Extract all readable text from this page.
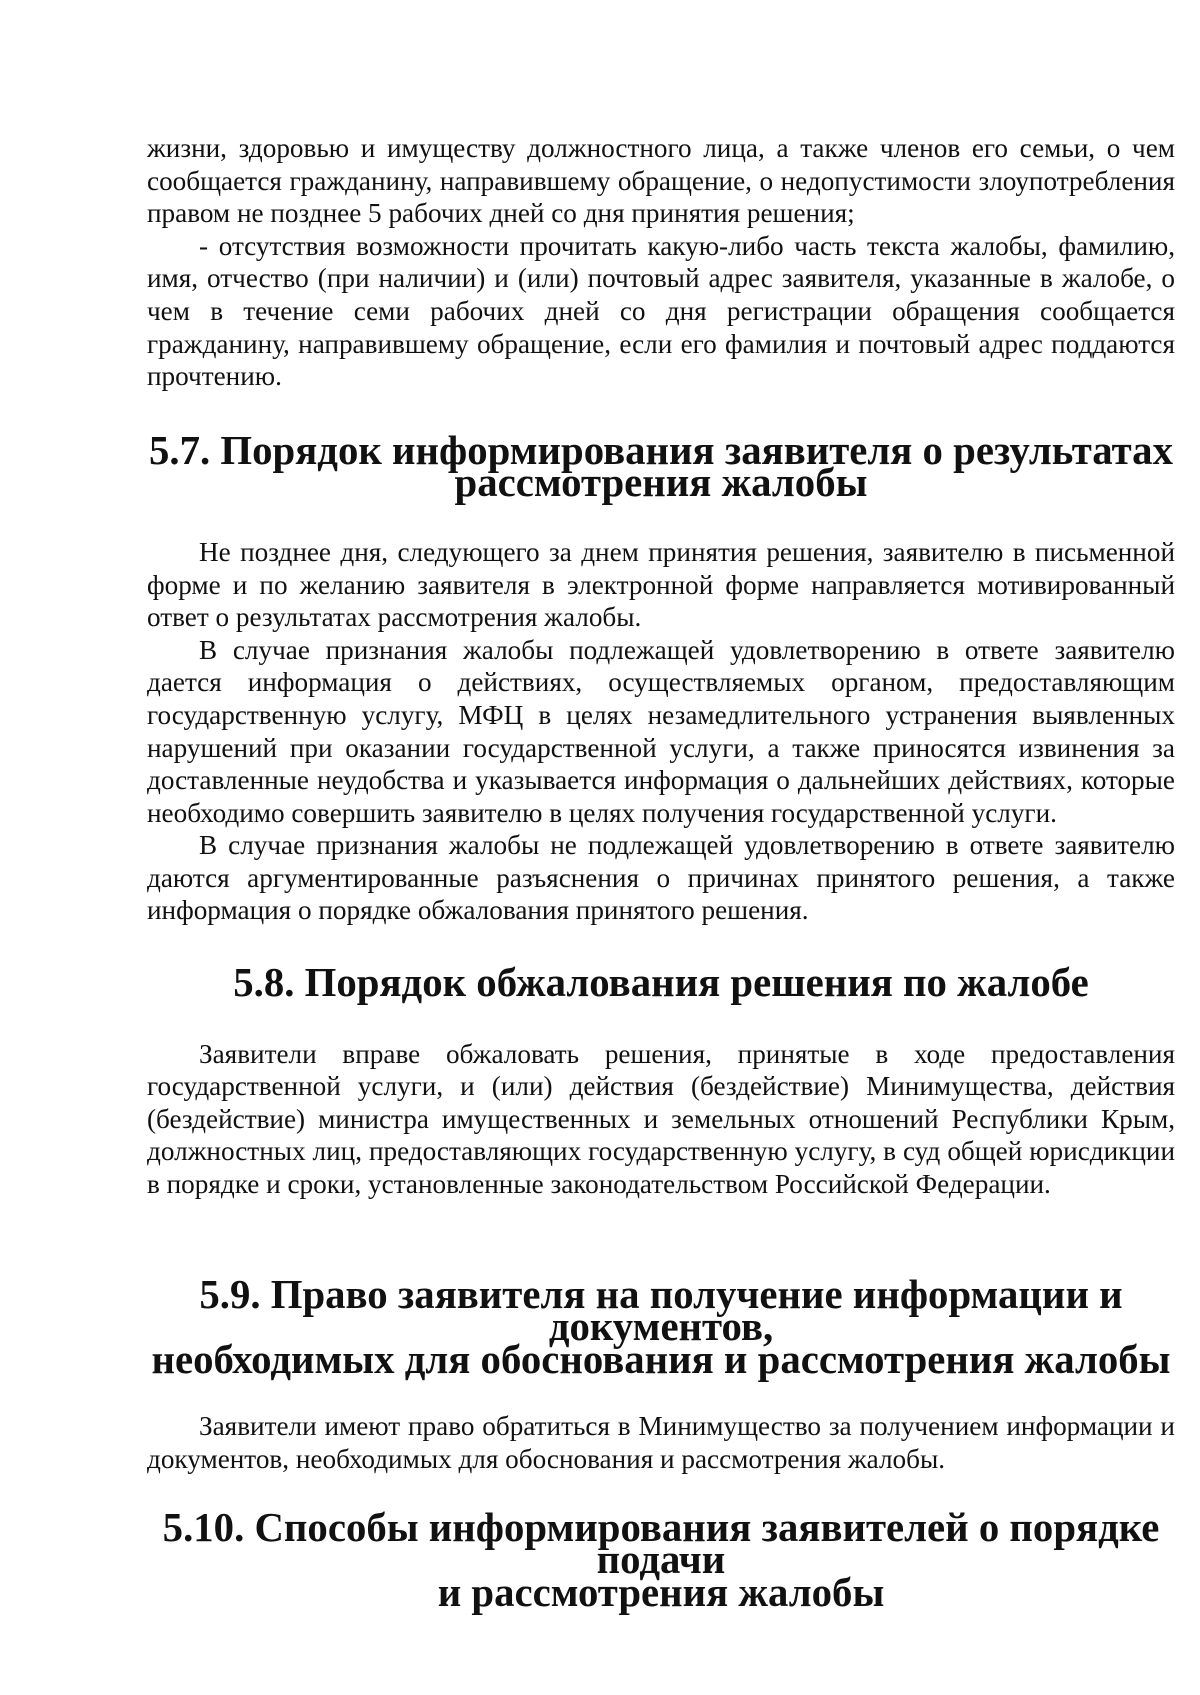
жизни, здоровью и имуществу должностного лица, а также членов его семьи, о чем сообщается гражданину, направившему обращение, о недопустимости злоупотребления правом не позднее 5 рабочих дней со дня принятия решения;

- отсутствия возможности прочитать какую-либо часть текста жалобы, фамилию, имя, отчество (при наличии) и (или) почтовый адрес заявителя, указанные в жалобе, о чем в течение семи рабочих дней со дня регистрации обращения сообщается гражданину, направившему обращение, если его фамилия и почтовый адрес поддаются прочтению.

5.7. Порядок информирования заявителя о результатах
рассмотрения жалобы

Не позднее дня, следующего за днем принятия решения, заявителю в письменной форме и по желанию заявителя в электронной форме направляется мотивированный ответ о результатах рассмотрения жалобы.

В случае признания жалобы подлежащей удовлетворению в ответе заявителю дается информация о действиях, осуществляемых органом, предоставляющим государственную услугу, МФЦ в целях незамедлительного устранения выявленных нарушений при оказании государственной услуги, а также приносятся извинения за доставленные неудобства и указывается информация о дальнейших действиях, которые необходимо совершить заявителю в целях получения государственной услуги.

В случае признания жалобы не подлежащей удовлетворению в ответе заявителю даются аргументированные разъяснения о причинах принятого решения, а также информация о порядке обжалования принятого решения.

5.8. Порядок обжалования решения по жалобе

Заявители вправе обжаловать решения, принятые в ходе предоставления государственной услуги, и (или) действия (бездействие) Минимущества, действия (бездействие) министра имущественных и земельных отношений Республики Крым, должностных лиц, предоставляющих государственную услугу, в суд общей юрисдикции в порядке и сроки, установленные законодательством Российской Федерации.

5.9. Право заявителя на получение информации и документов,
необходимых для обоснования и рассмотрения жалобы

Заявители имеют право обратиться в Минимущество за получением информации и документов, необходимых для обоснования и рассмотрения жалобы.

5.10. Способы информирования заявителей о порядке подачи
и рассмотрения жалобы
